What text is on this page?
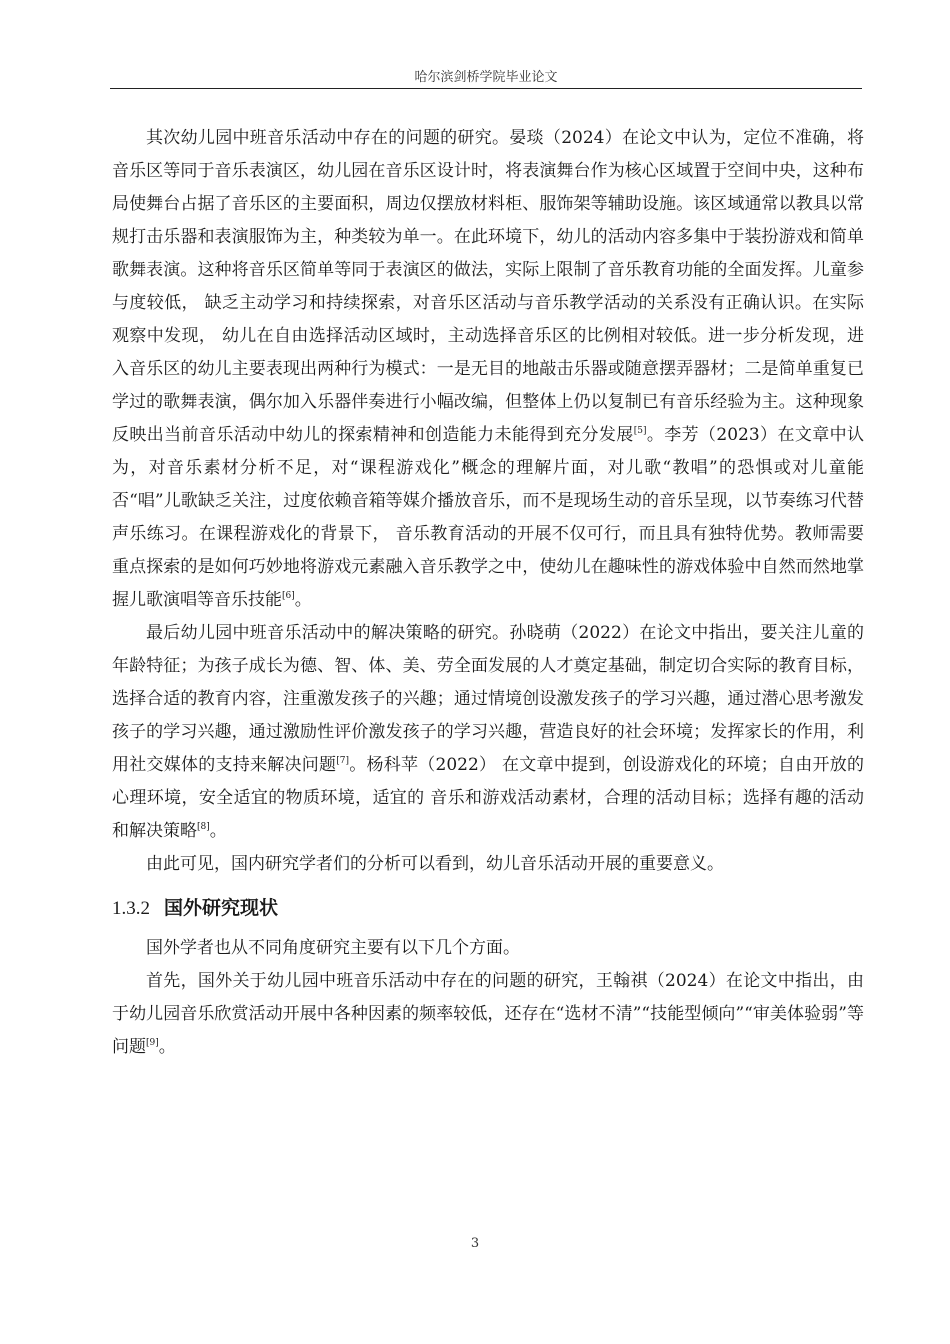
哈尔滨剑桥学院毕业论文

其次幼儿园中班音乐活动中存在的问题的研究。晏琰（2024）在论文中认为，定位不准确，将音乐区等同于音乐表演区，幼儿园在音乐区设计时，将表演舞台作为核心区域置于空间中央，这种布局使舞台占据了音乐区的主要面积，周边仅摆放材料柜、服饰架等辅助设施。该区域通常以教具以常规打击乐器和表演服饰为主，种类较为单一。在此环境下，幼儿的活动内容多集中于装扮游戏和简单歌舞表演。这种将音乐区简单等同于表演区的做法，实际上限制了音乐教育功能的全面发挥。儿童参与度较低， 缺乏主动学习和持续探索，对音乐区活动与音乐教学活动的关系没有正确认识。在实际观察中发现， 幼儿在自由选择活动区域时，主动选择音乐区的比例相对较低。进一步分析发现，进入音乐区的幼儿主要表现出两种行为模式：一是无目的地敲击乐器或随意摆弄器材；二是简单重复已学过的歌舞表演，偶尔加入乐器伴奏进行小幅改编，但整体上仍以复制已有音乐经验为主。这种现象反映出当前音乐活动中幼儿的探索精神和创造能力未能得到充分发展[5]。李芳（2023）在文章中认为，对音乐素材分析不足，对“课程游戏化”概念的理解片面，对儿歌“教唱”的恐惧或对儿童能否“唱”儿歌缺乏关注，过度依赖音箱等媒介播放音乐，而不是现场生动的音乐呈现，以节奏练习代替声乐练习。在课程游戏化的背景下， 音乐教育活动的开展不仅可行，而且具有独特优势。教师需要重点探索的是如何巧妙地将游戏元素融入音乐教学之中，使幼儿在趣味性的游戏体验中自然而然地掌握儿歌演唱等音乐技能[6]。

最后幼儿园中班音乐活动中的解决策略的研究。孙晓萌（2022）在论文中指出，要关注儿童的年龄特征；为孩子成长为德、智、体、美、劳全面发展的人才奠定基础，制定切合实际的教育目标，选择合适的教育内容，注重激发孩子的兴趣；通过情境创设激发孩子的学习兴趣，通过潜心思考激发孩子的学习兴趣，通过激励性评价激发孩子的学习兴趣，营造良好的社会环境；发挥家长的作用，利用社交媒体的支持来解决问题[7]。杨科苹（2022） 在文章中提到，创设游戏化的环境；自由开放的心理环境，安全适宜的物质环境，适宜的 音乐和游戏活动素材，合理的活动目标；选择有趣的活动和解决策略[8]。

由此可见，国内研究学者们的分析可以看到，幼儿音乐活动开展的重要意义。

1.3.2 国外研究现状

国外学者也从不同角度研究主要有以下几个方面。

首先，国外关于幼儿园中班音乐活动中存在的问题的研究，王翰祺（2024）在论文中指出，由于幼儿园音乐欣赏活动开展中各种因素的频率较低，还存在“选材不清”“技能型倾向”“审美体验弱”等问题[9]。

3
